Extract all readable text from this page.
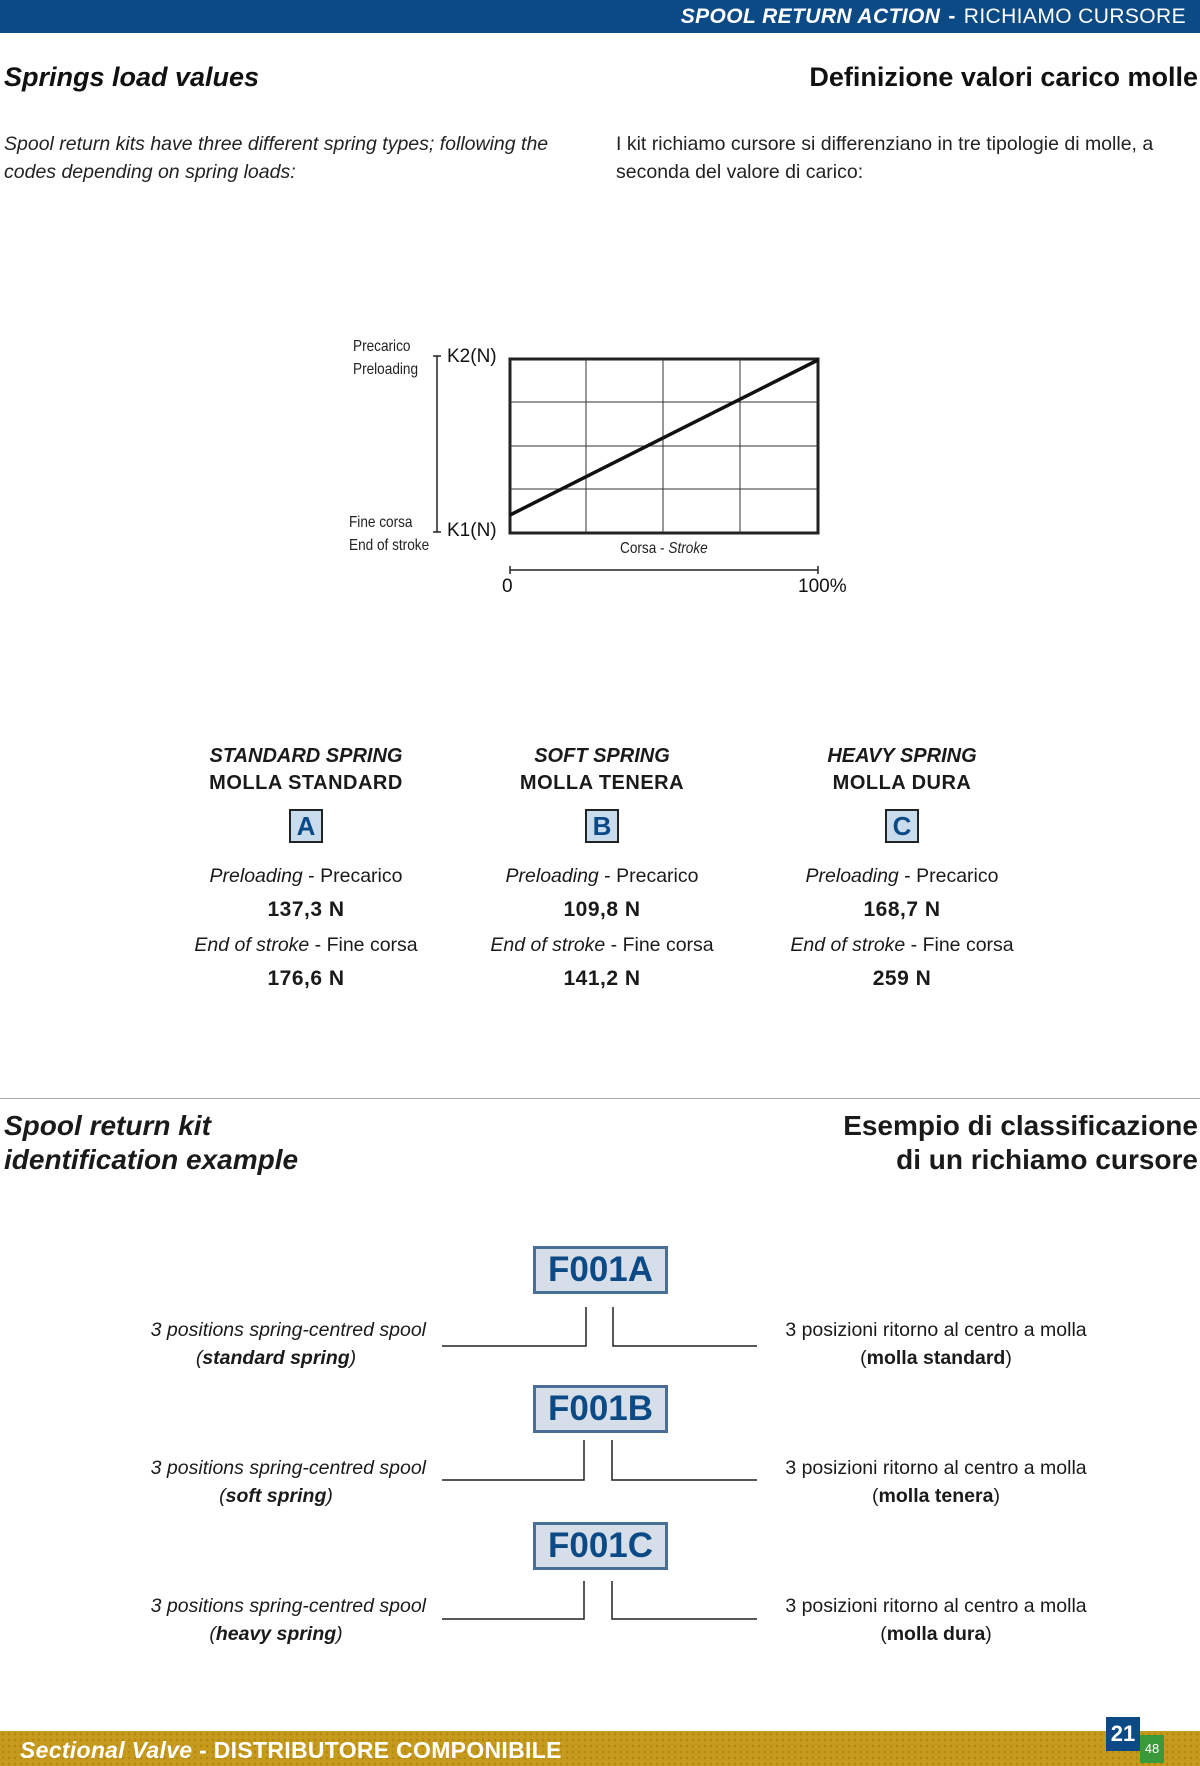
SPOOL RETURN ACTION - RICHIAMO CURSORE
Springs load values	Definizione valori carico molle
Spool return kits have three different spring types; following the codes depending on spring loads:
I kit richiamo cursore si differenziano in tre tipologie di molle, a seconda del valore di carico:
Precarico
Preloading
Fine corsa
End of stroke
K2(N)
K1(N)
Corsa - Stroke
0	100%
STANDARD SPRING
MOLLA STANDARD
A
Preloading - Precarico
137,3 N
End of stroke - Fine corsa
176,6 N
SOFT SPRING
MOLLA TENERA
B
Preloading - Precarico
109,8 N
End of stroke - Fine corsa
141,2 N
HEAVY SPRING
MOLLA DURA
C
Preloading - Precarico
168,7 N
End of stroke - Fine corsa
259 N
Spool return kit
identification example
Esempio di classificazione
di un richiamo cursore
F001A
F001B
F001C
3 positions spring-centred spool
(standard spring)
3 positions spring-centred spool
(soft spring)
3 positions spring-centred spool
(heavy spring)
3 posizioni ritorno al centro a molla
(molla standard)
3 posizioni ritorno al centro a molla
(molla tenera)
3 posizioni ritorno al centro a molla
(molla dura)
Sectional Valve - DISTRIBUTORE COMPONIBILE
21
48
